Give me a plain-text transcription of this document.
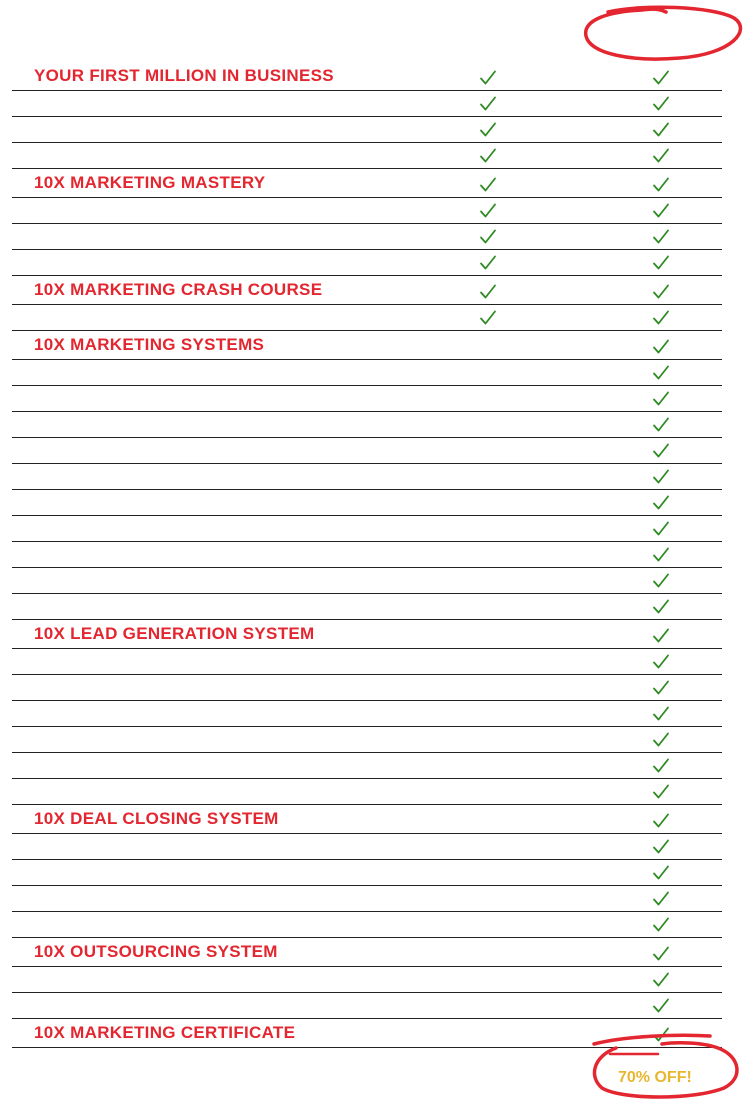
YOUR FIRST MILLION IN BUSINESS
10X MARKETING MASTERY
10X MARKETING CRASH COURSE
10X MARKETING SYSTEMS
10X LEAD GENERATION SYSTEM
10X DEAL CLOSING SYSTEM
10X OUTSOURCING SYSTEM
10X MARKETING CERTIFICATE
70% OFF!
